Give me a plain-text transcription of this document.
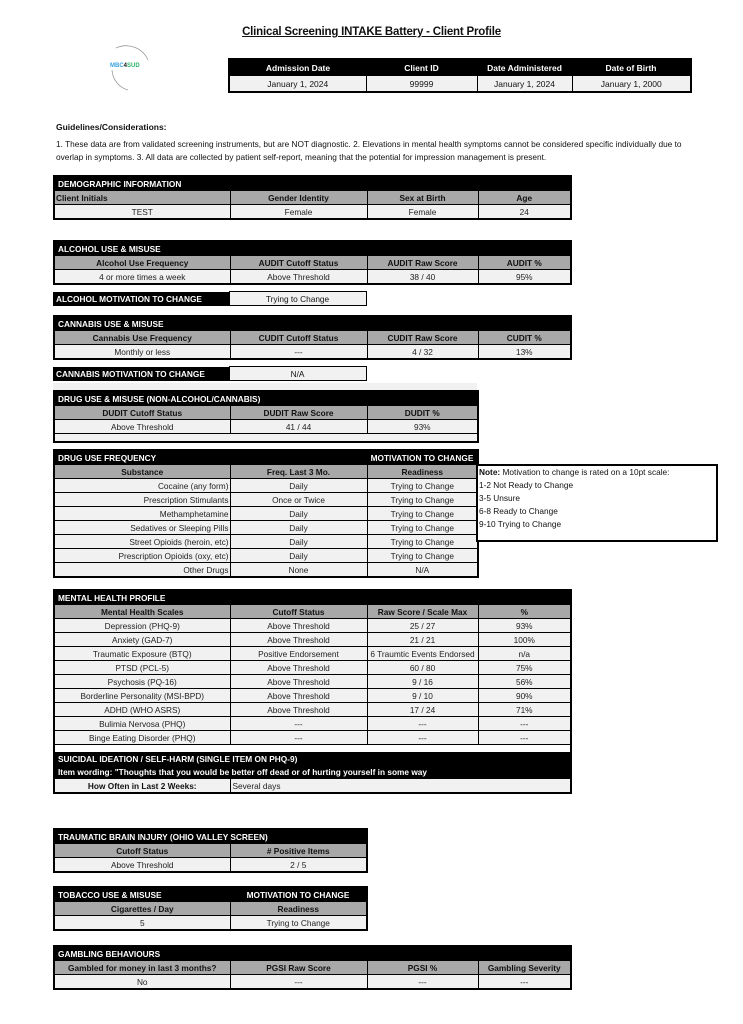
Clinical Screening INTAKE Battery - Client Profile
MBC4SUD	Admission Date	Client ID	Date Administered	Date of Birth
January 1, 2024	99999	January 1, 2024	January 1, 2000
Guidelines/Considerations:
1. These data are from validated screening instruments, but are NOT diagnostic. 2. Elevations in mental health symptoms cannot be considered specific individually due to overlap in symptoms. 3. All data are collected by patient self-report, meaning that the potential for impression management is present.
DEMOGRAPHIC INFORMATION			
Client Initials	Gender Identity	Sex at Birth	Age
TEST	Female	Female	24
ALCOHOL USE & MISUSE			
Alcohol Use Frequency	AUDIT Cutoff Status	AUDIT Raw Score	AUDIT %
4 or more times a week	Above Threshold	38 / 40	95%
ALCOHOL MOTIVATION TO CHANGE	Trying to Change
CANNABIS USE & MISUSE			
Cannabis Use Frequency	CUDIT Cutoff Status	CUDIT Raw Score	CUDIT %
Monthly or less	---	4 / 32	13%
CANNABIS MOTIVATION TO CHANGE	N/A
DRUG USE & MISUSE (NON-ALCOHOL/CANNABIS)		
DUDIT Cutoff Status	DUDIT Raw Score	DUDIT %
Above Threshold	41 / 44	93%

DRUG USE FREQUENCY		MOTIVATION TO CHANGE
Substance	Freq. Last 3 Mo.	Readiness
Cocaine (any form)	Daily	Trying to Change
Prescription Stimulants	Once or Twice	Trying to Change
Methamphetamine	Daily	Trying to Change
Sedatives or Sleeping Pills	Daily	Trying to Change
Street Opioids (heroin, etc)	Daily	Trying to Change
Prescription Opioids (oxy, etc)	Daily	Trying to Change
Other Drugs	None	N/A
Note: Motivation to change is rated on a 10pt scale:
1-2 Not Ready to Change
3-5 Unsure
6-8 Ready to Change
9-10 Trying to Change
MENTAL HEALTH PROFILE			
Mental Health Scales	Cutoff Status	Raw Score / Scale Max	%
Depression (PHQ-9)	Above Threshold	25 / 27	93%
Anxiety (GAD-7)	Above Threshold	21 / 21	100%
Traumatic Exposure (BTQ)	Positive Endorsement	6 Traumtic Events Endorsed	n/a
PTSD (PCL-5)	Above Threshold	60 / 80	75%
Psychosis (PQ-16)	Above Threshold	9 / 16	56%
Borderline Personality (MSI-BPD)	Above Threshold	9 / 10	90%
ADHD (WHO ASRS)	Above Threshold	17 / 24	71%
Bulimia Nervosa (PHQ)	---	---	---
Binge Eating Disorder (PHQ)	---	---	---

SUICIDAL IDEATION / SELF-HARM (SINGLE ITEM ON PHQ-9)			
Item wording: "Thoughts that you would be better off dead or of hurting yourself in some way			
How Often in Last 2 Weeks:	Several days		
TRAUMATIC BRAIN INJURY (OHIO VALLEY SCREEN)	
Cutoff Status	# Positive Items
Above Threshold	2 / 5
TOBACCO USE & MISUSE	MOTIVATION TO CHANGE
Cigarettes / Day	Readiness
5	Trying to Change
GAMBLING BEHAVIOURS			
Gambled for money in last 3 months?	PGSI Raw Score	PGSI %	Gambling Severity
No	---	---	---
